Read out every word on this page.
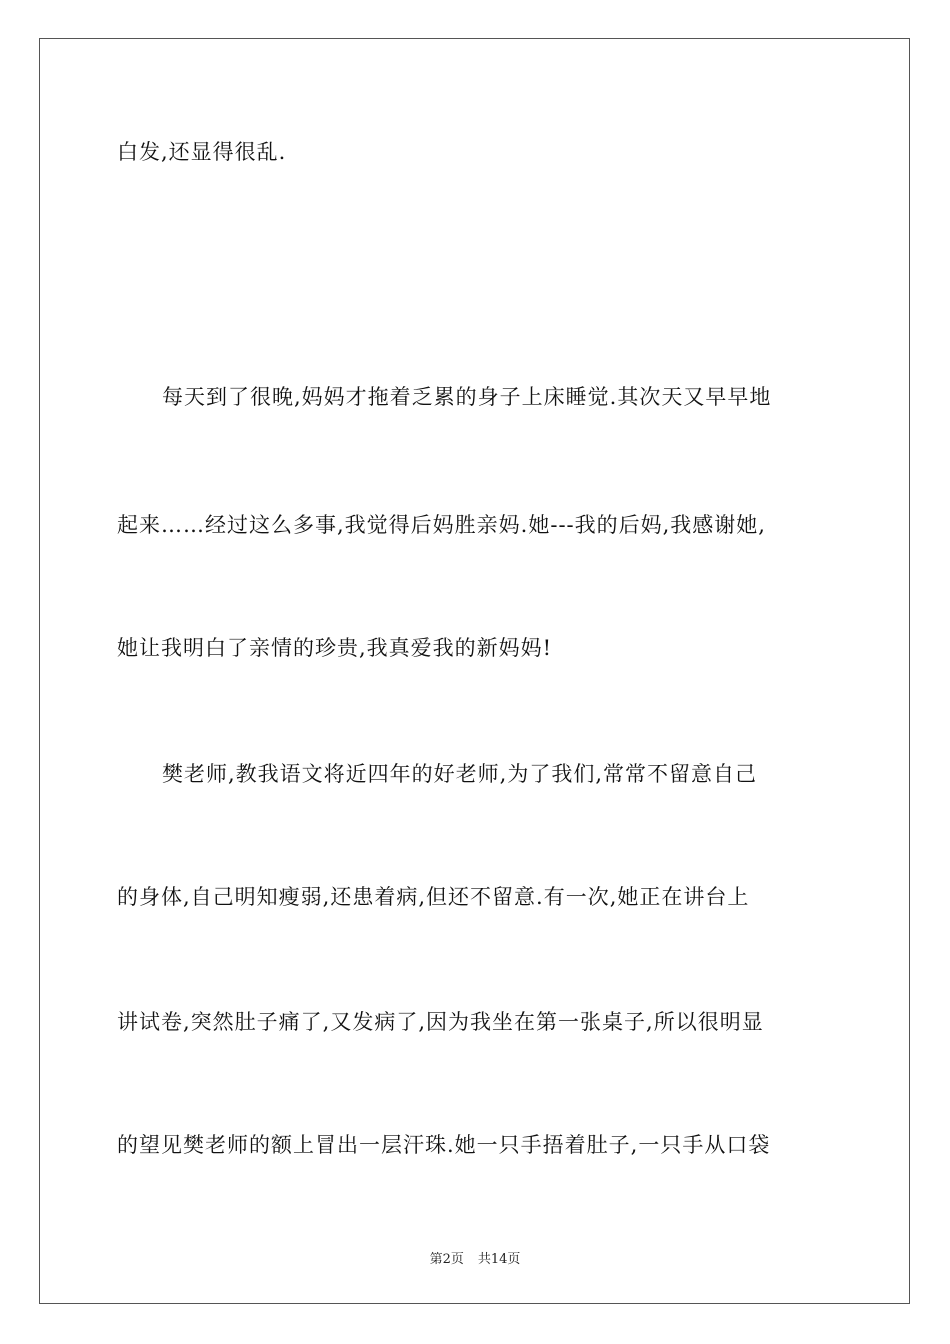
白发,还显得很乱.
每天到了很晚,妈妈才拖着乏累的身子上床睡觉.其次天又早早地
起来……经过这么多事,我觉得后妈胜亲妈.她---我的后妈,我感谢她,
她让我明白了亲情的珍贵,我真爱我的新妈妈!
樊老师,教我语文将近四年的好老师,为了我们,常常不留意自己
的身体,自己明知瘦弱,还患着病,但还不留意.有一次,她正在讲台上
讲试卷,突然肚子痛了,又发病了,因为我坐在第一张桌子,所以很明显
的望见樊老师的额上冒出一层汗珠.她一只手捂着肚子,一只手从口袋
第2页 共14页
